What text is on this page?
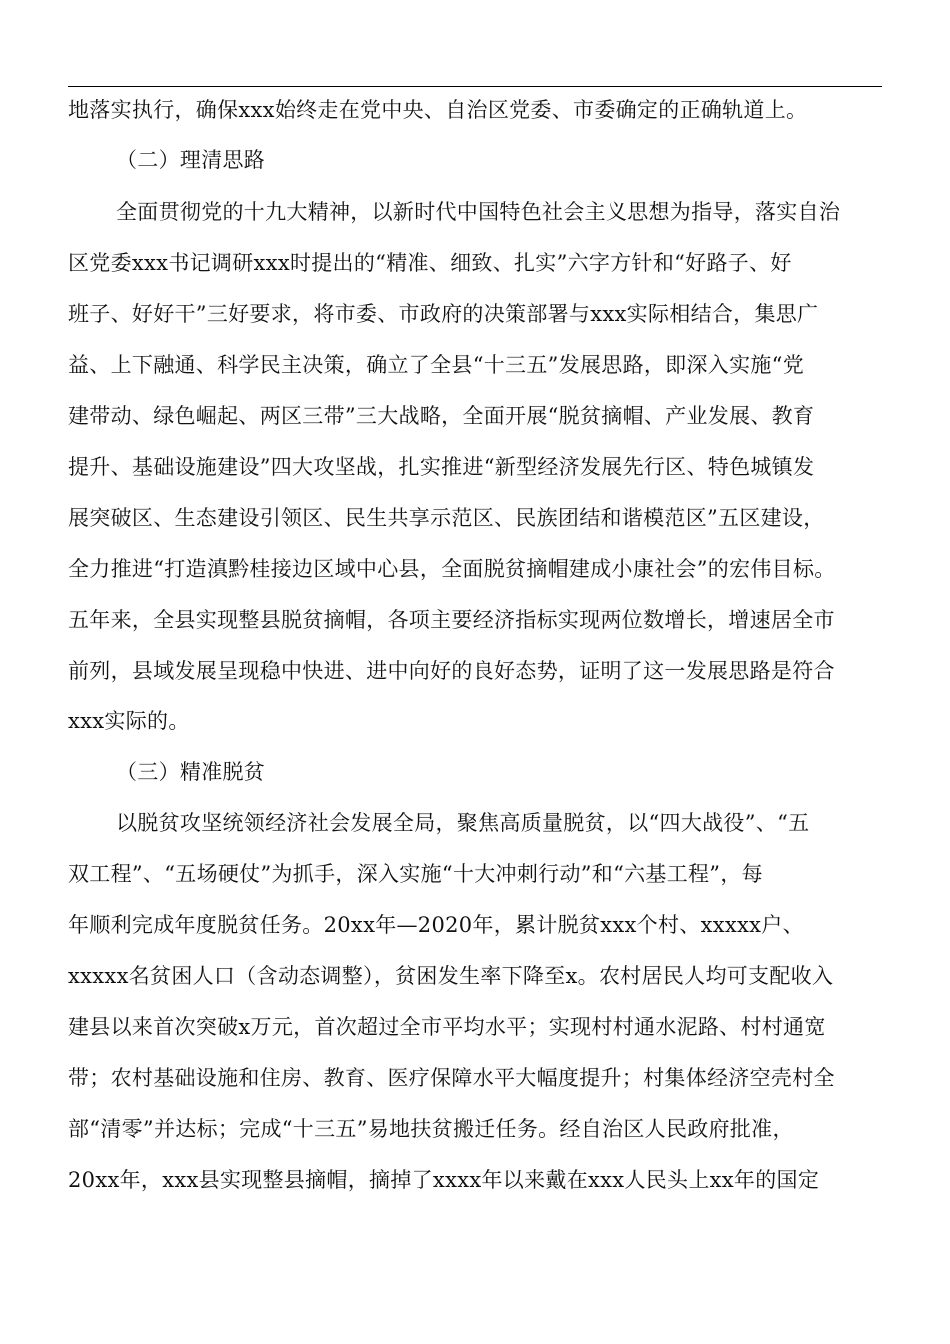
地落实执行，确保xxx始终走在党中央、自治区党委、市委确定的正确轨道上。
（二）理清思路
全面贯彻党的十九大精神，以新时代中国特色社会主义思想为指导，落实自治
区党委xxx书记调研xxx时提出的“精准、细致、扎实”六字方针和“好路子、好
班子、好好干”三好要求，将市委、市政府的决策部署与xxx实际相结合，集思广
益、上下融通、科学民主决策，确立了全县“十三五”发展思路，即深入实施“党
建带动、绿色崛起、两区三带”三大战略，全面开展“脱贫摘帽、产业发展、教育
提升、基础设施建设”四大攻坚战，扎实推进“新型经济发展先行区、特色城镇发
展突破区、生态建设引领区、民生共享示范区、民族团结和谐模范区”五区建设，
全力推进“打造滇黔桂接边区域中心县，全面脱贫摘帽建成小康社会”的宏伟目标。
五年来，全县实现整县脱贫摘帽，各项主要经济指标实现两位数增长，增速居全市
前列，县域发展呈现稳中快进、进中向好的良好态势，证明了这一发展思路是符合
xxx实际的。
（三）精准脱贫
以脱贫攻坚统领经济社会发展全局，聚焦高质量脱贫，以“四大战役”、“五
双工程”、“五场硬仗”为抓手，深入实施“十大冲刺行动”和“六基工程”，每
年顺利完成年度脱贫任务。20xx年—2020年，累计脱贫xxx个村、xxxxx户、
xxxxx名贫困人口（含动态调整），贫困发生率下降至x。农村居民人均可支配收入
建县以来首次突破x万元，首次超过全市平均水平；实现村村通水泥路、村村通宽
带；农村基础设施和住房、教育、医疗保障水平大幅度提升；村集体经济空壳村全
部“清零”并达标；完成“十三五”易地扶贫搬迁任务。经自治区人民政府批准，
20xx年，xxx县实现整县摘帽，摘掉了xxxx年以来戴在xxx人民头上xx年的国定
